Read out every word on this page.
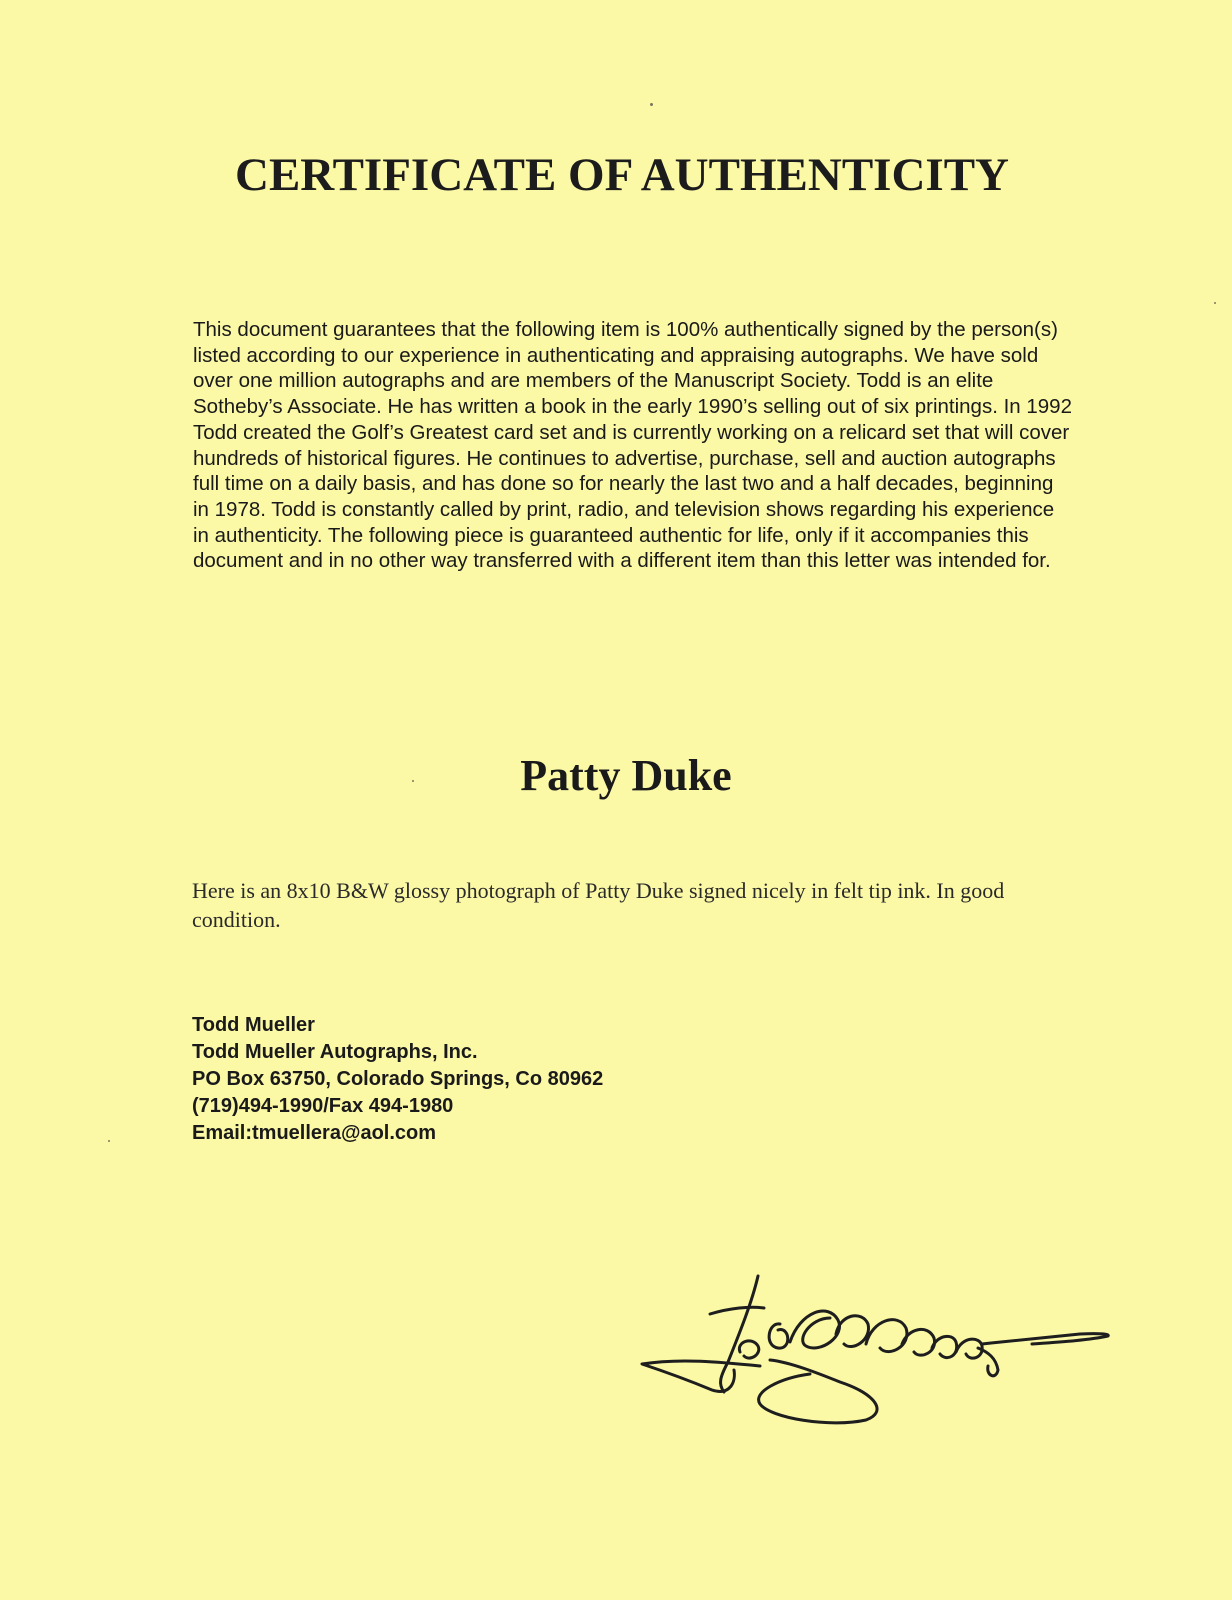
CERTIFICATE OF AUTHENTICITY

This document guarantees that the following item is 100% authentically signed by the person(s) listed according to our experience in authenticating and appraising autographs. We have sold over one million autographs and are members of the Manuscript Society. Todd is an elite Sotheby’s Associate. He has written a book in the early 1990’s selling out of six printings. In 1992 Todd created the Golf’s Greatest card set and is currently working on a relicard set that will cover hundreds of historical figures. He continues to advertise, purchase, sell and auction autographs full time on a daily basis, and has done so for nearly the last two and a half decades, beginning in 1978. Todd is constantly called by print, radio, and television shows regarding his experience in authenticity. The following piece is guaranteed authentic for life, only if it accompanies this document and in no other way transferred with a different item than this letter was intended for.

Patty Duke

Here is an 8x10 B&W glossy photograph of Patty Duke signed nicely in felt tip ink. In good condition.

Todd Mueller
Todd Mueller Autographs, Inc.
PO Box 63750, Colorado Springs, Co 80962
(719)494-1990/Fax 494-1980
Email:tmuellera@aol.com
